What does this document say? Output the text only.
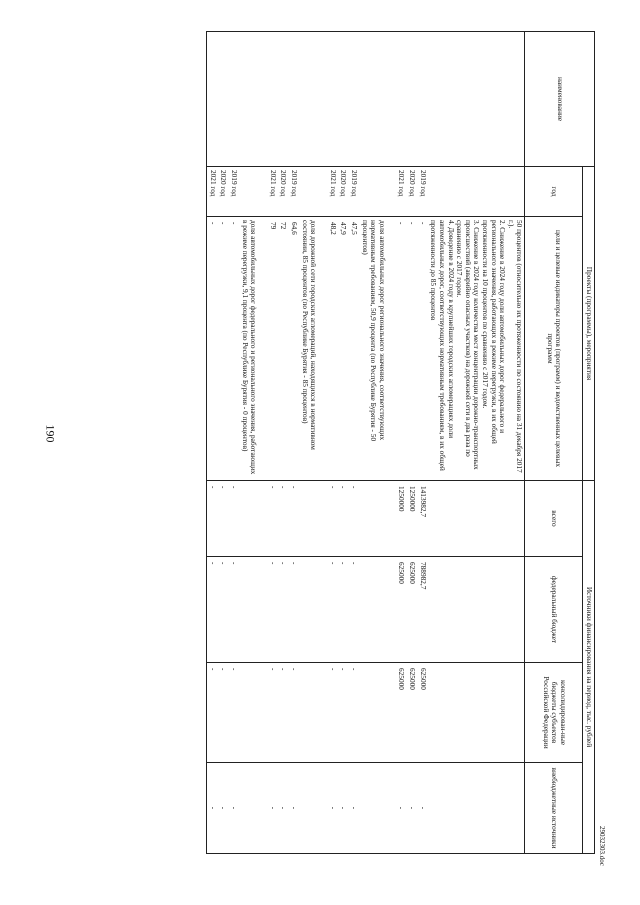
190
наименование	Проекты (программы), мероприятия		Источники финансирования на период, тыс. рублей			
	год	цели и целевые индикаторы проектов (программ) и ведомственных целевых программ	всего	федеральный бюджет	консолидирован-ные бюджеты субъектов Российской Федерации	внебюджетные источники
		50 процентов (относительно их протяженности по состоянию на 31 декабря 2017 г.).
2. Снижение в 2024 году доли автомобильных дорог федерального и регионального значения, работающих в режиме перегрузки, в их общей протяженности на 10 процентов по сравнению с 2017 годом.
3. Снижение в 2024 году количества мест концентрации дорожно-транспортных происшествий (аварийно опасных участков) на дорожной сети в два раза по сравнению с 2017 годом.
4. Доведение в 2024 году в крупнейших городских агломерациях доли автомобильных дорог, соответствующих нормативным требованиям, в их общей протяженности до 85 процентов				
	2019 год	-	1413982,7	788982,7	625000	-
	2020 год	-	1250000	625000	625000	-
	2021 год	-	1250000	625000	625000	-
		доля автомобильных дорог регионального значения, соответствующих нормативным требованиям, 50,9 процента (по Республике Бурятия - 50 процентов)				
	2019 год	47,5	-	-	-	-
	2020 год	47,9	-	-	-	-
	2021 год	48,2	-	-	-	-
		доля дорожной сети городских агломераций, находящихся в нормативном состоянии, 85 процентов (по Республике Бурятия - 85 процентов)				
	2019 год	64,6	-	-	-	-
	2020 год	72	-	-	-	-
	2021 год	79	-	-	-	-
		доля автомобильных дорог федерального и регионального значения, работающих в режиме перегрузки, 9,1 процента (по Республике Бурятия - 0 процентов)				
	2019 год	-	-	-	-	-
	2020 год	-	-	-	-	-
	2021 год	-	-	-	-	-
29032303.doc
